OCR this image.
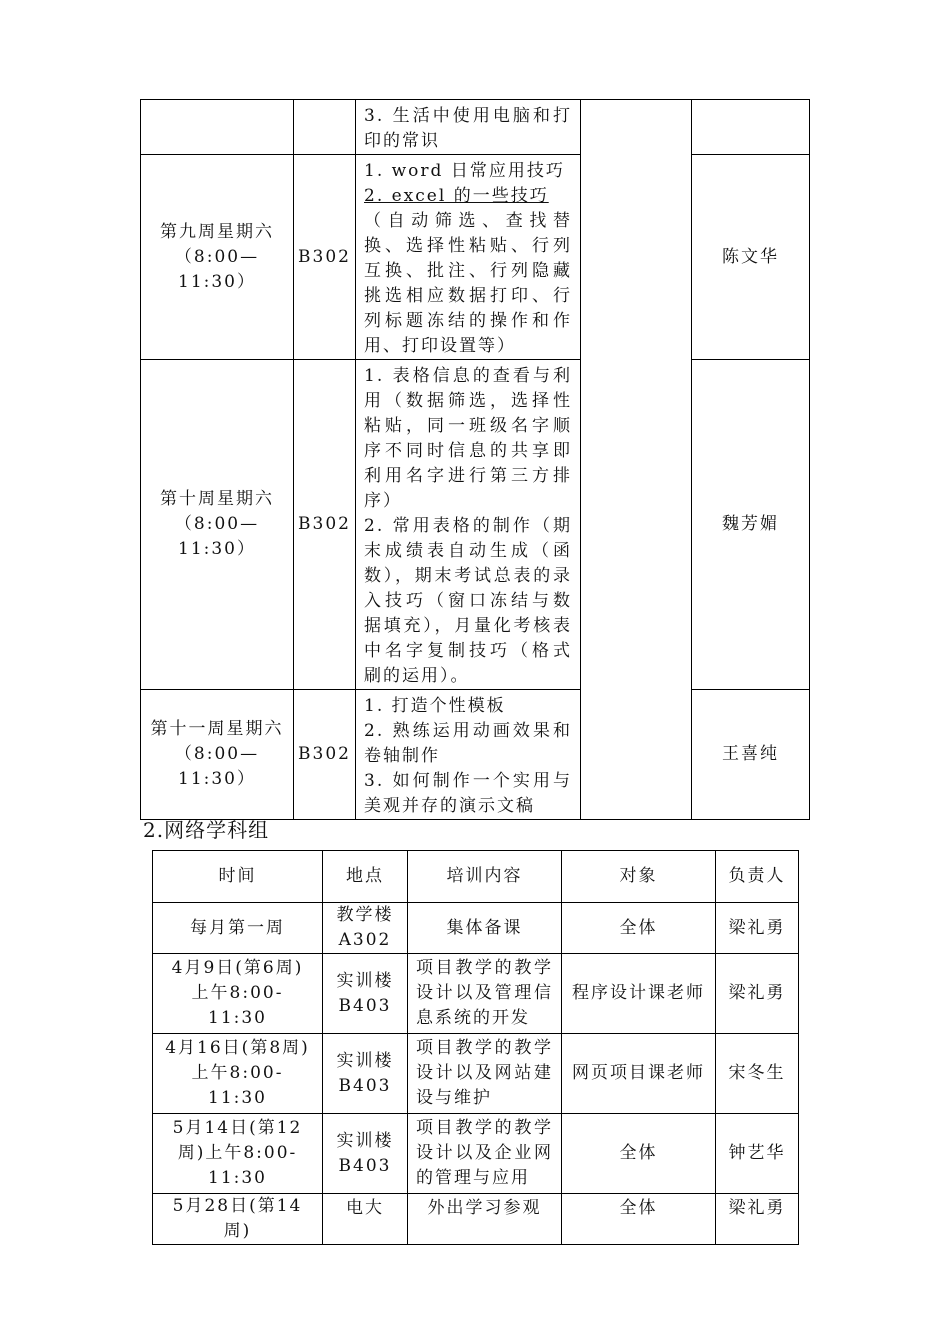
		3. 生活中使用电脑和打印的常识		

第九周星期六（8:00—11:30）	B302	1. word 日常应用技巧
2. excel 的一些技巧
（自动筛选、查找替换、选择性粘贴、行列互换、批注、行列隐藏挑选相应数据打印、行列标题冻结的操作和作用、打印设置等）		陈文华
第十周星期六（8:00—11:30）	B302	1. 表格信息的查看与利用（数据筛选，选择性粘贴，同一班级名字顺序不同时信息的共享即利用名字进行第三方排序）
2. 常用表格的制作（期末成绩表自动生成（函数），期末考试总表的录入技巧（窗口冻结与数据填充），月量化考核表中名字复制技巧（格式刷的运用）。		魏芳媚
第十一周星期六（8:00—11:30）	B302	1. 打造个性模板
2. 熟练运用动画效果和卷轴制作
3. 如何制作一个实用与美观并存的演示文稿		王喜纯
2.网络学科组
时间	地点	培训内容	对象	负责人
每月第一周	教学楼A302	集体备课	全体	梁礼勇
4月9日(第6周)上午8:00-11:30	实训楼B403	项目教学的教学设计以及管理信息系统的开发	程序设计课老师	梁礼勇
4月16日(第8周)上午8:00-11:30	实训楼B403	项目教学的教学设计以及网站建设与维护	网页项目课老师	宋冬生
5月14日(第12周)上午8:00-11:30	实训楼B403	项目教学的教学设计以及企业网的管理与应用	全体	钟艺华
5月28日(第14周)	电大	外出学习参观	全体	梁礼勇
